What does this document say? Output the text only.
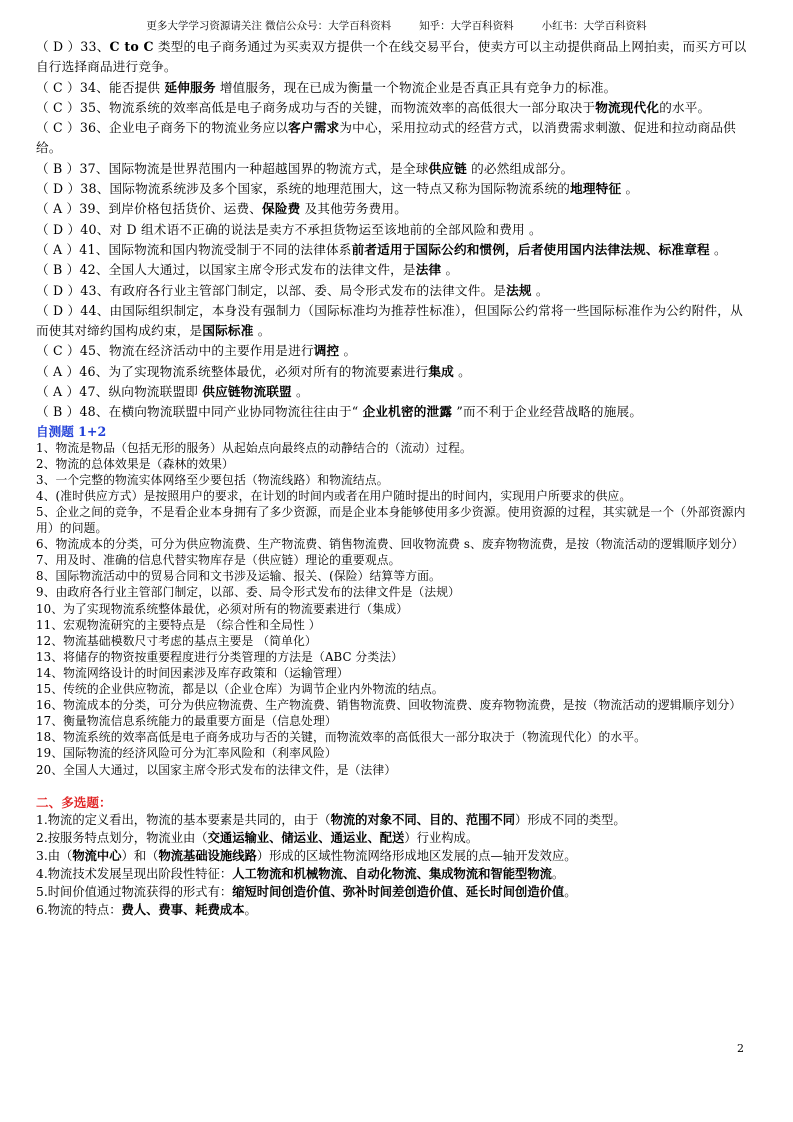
更多大学学习资源请关注 微信公众号：大学百科资料	知乎：大学百科资料	小红书：大学百科资料

（ D ）33、C to C 类型的电子商务通过为买卖双方提供一个在线交易平台，使卖方可以主动提供商品上网拍卖，而买方可以自行选择商品进行竞争。

（ C ）34、能否提供 延伸服务 增值服务，现在已成为衡量一个物流企业是否真正具有竞争力的标准。

（ C ）35、物流系统的效率高低是电子商务成功与否的关键，而物流效率的高低很大一部分取决于物流现代化的水平。

（ C ）36、企业电子商务下的物流业务应以客户需求为中心，采用拉动式的经营方式，以消费需求刺激、促进和拉动商品供给。

（ B ）37、国际物流是世界范围内一种超越国界的物流方式，是全球供应链 的必然组成部分。

（ D ）38、国际物流系统涉及多个国家，系统的地理范围大，这一特点又称为国际物流系统的地理特征 。

（ A ）39、到岸价格包括货价、运费、保险费 及其他劳务费用。

（ D ）40、对 D 组术语不正确的说法是卖方不承担货物运至该地前的全部风险和费用 。

（ A ）41、国际物流和国内物流受制于不同的法律体系前者适用于国际公约和惯例，后者使用国内法律法规、标准章程 。

（ B ）42、全国人大通过，以国家主席令形式发布的法律文件，是法律 。

（ D ）43、有政府各行业主管部门制定，以部、委、局令形式发布的法律文件。是法规 。

（ D ）44、由国际组织制定，本身没有强制力（国际标准均为推荐性标准），但国际公约常将一些国际标准作为公约附件，从而使其对缔约国构成约束，是国际标准 。

（ C ）45、物流在经济活动中的主要作用是进行调控 。

（ A ）46、为了实现物流系统整体最优，必须对所有的物流要素进行集成 。

（ A ）47、纵向物流联盟即 供应链物流联盟 。

（ B ）48、在横向物流联盟中同产业协同物流往往由于“ 企业机密的泄露 ”而不利于企业经营战略的施展。

自测题 1+2

1、物流是物品（包括无形的服务）从起始点向最终点的动静结合的（流动）过程。

2、物流的总体效果是（森林的效果）

3、一个完整的物流实体网络至少要包括（物流线路）和物流结点。

4、(准时供应方式）是按照用户的要求，在计划的时间内或者在用户随时提出的时间内，实现用户所要求的供应。

5、企业之间的竞争，不是看企业本身拥有了多少资源，而是企业本身能够使用多少资源。使用资源的过程，其实就是一个（外部资源内用）的问题。

6、物流成本的分类，可分为供应物流费、生产物流费、销售物流费、回收物流费 s、废弃物物流费，是按（物流活动的逻辑顺序划分）

7、用及时、准确的信息代替实物库存是（供应链）理论的重要观点。

8、国际物流活动中的贸易合同和文书涉及运输、报关、(保险）结算等方面。

9、由政府各行业主管部门制定，以部、委、局令形式发布的法律文件是（法规）

10、为了实现物流系统整体最优，必须对所有的物流要素进行（集成）

11、宏观物流研究的主要特点是 （综合性和全局性 ）

12、物流基础模数尺寸考虑的基点主要是 （简单化）

13、将储存的物资按重要程度进行分类管理的方法是（ABC 分类法）

14、物流网络设计的时间因素涉及库存政策和（运输管理）

15、传统的企业供应物流，都是以（企业仓库）为调节企业内外物流的结点。

16、物流成本的分类，可分为供应物流费、生产物流费、销售物流费、回收物流费、废弃物物流费，是按（物流活动的逻辑顺序划分）

17、衡量物流信息系统能力的最重要方面是（信息处理）

18、物流系统的效率高低是电子商务成功与否的关键，而物流效率的高低很大一部分取决于（物流现代化）的水平。

19、国际物流的经济风险可分为汇率风险和（利率风险）

20、全国人大通过，以国家主席令形式发布的法律文件，是（法律）

二、多选题：

1.物流的定义看出，物流的基本要素是共同的，由于（物流的对象不同、目的、范围不同）形成不同的类型。

2.按服务特点划分，物流业由（交通运输业、储运业、通运业、配送）行业构成。

3.由（物流中心）和（物流基础设施线路）形成的区域性物流网络形成地区发展的点—轴开发效应。

4.物流技术发展呈现出阶段性特征：人工物流和机械物流、自动化物流、集成物流和智能型物流。

5.时间价值通过物流获得的形式有：缩短时间创造价值、弥补时间差创造价值、延长时间创造价值。

6.物流的特点：费人、费事、耗费成本。

2
